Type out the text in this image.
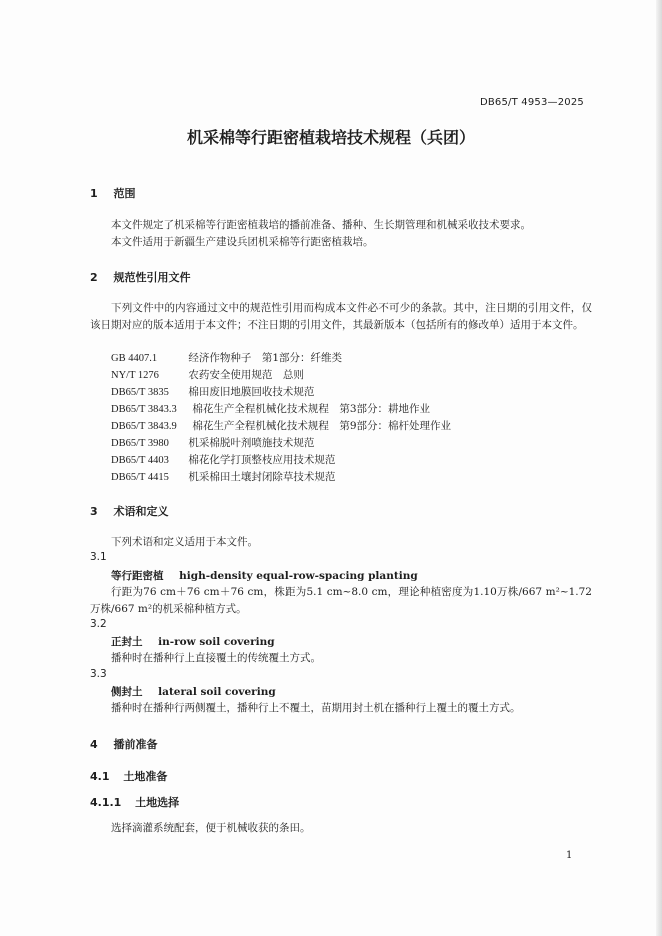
DB65/T 4953—2025
机采棉等行距密植栽培技术规程（兵团）
1 范围
本文件规定了机采棉等行距密植栽培的播前准备、播种、生长期管理和机械采收技术要求。
本文件适用于新疆生产建设兵团机采棉等行距密植栽培。
2 规范性引用文件
下列文件中的内容通过文中的规范性引用而构成本文件必不可少的条款。其中，注日期的引用文件，仅该日期对应的版本适用于本文件；不注日期的引用文件，其最新版本（包括所有的修改单）适用于本文件。
GB 4407.1	经济作物种子　第1部分：纤维类
NY/T 1276	农药安全使用规范　总则
DB65/T 3835 棉田废旧地膜回收技术规范
DB65/T 3843.3 棉花生产全程机械化技术规程　第3部分：耕地作业
DB65/T 3843.9 棉花生产全程机械化技术规程　第9部分：棉杆处理作业
DB65/T 3980 机采棉脱叶剂喷施技术规范
DB65/T 4403 棉花化学打顶整枝应用技术规范
DB65/T 4415 机采棉田土壤封闭除草技术规范
3 术语和定义
下列术语和定义适用于本文件。
3.1
等行距密植 high-density equal-row-spacing planting
行距为76 cm＋76 cm＋76 cm，株距为5.1 cm~8.0 cm，理论种植密度为1.10万株/667 m²~1.72万株/667 m²的机采棉种植方式。
3.2
正封土 in-row soil covering
播种时在播种行上直接覆土的传统覆土方式。
3.3
侧封土 lateral soil covering
播种时在播种行两侧覆土，播种行上不覆土，苗期用封土机在播种行上覆土的覆土方式。
4 播前准备
4.1 土地准备
4.1.1 土地选择
选择滴灌系统配套，便于机械收获的条田。
1
